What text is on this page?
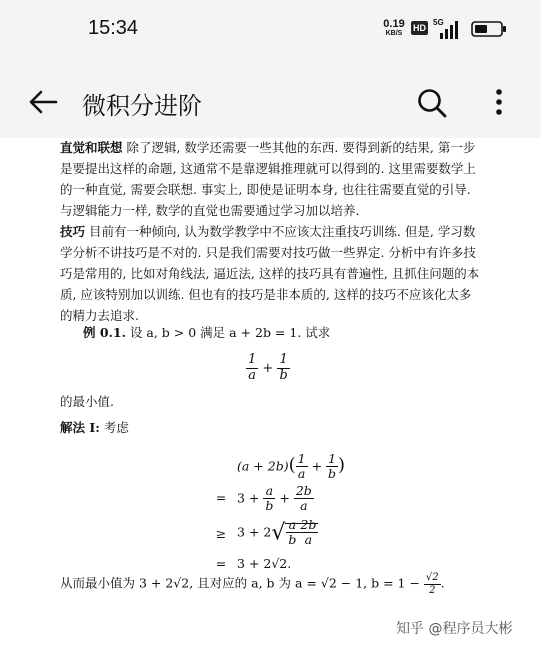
15:34	0.19
KB/S
HD
5G
微积分进阶
直觉和联想 除了逻辑, 数学还需要一些其他的东西. 要得到新的结果, 第一步是要提出这样的命题, 这通常不是靠逻辑推理就可以得到的. 这里需要数学上的一种直觉, 需要会联想. 事实上, 即使是证明本身, 也往往需要直觉的引导. 与逻辑能力一样, 数学的直觉也需要通过学习加以培养.
技巧 目前有一种倾向, 认为数学教学中不应该太注重技巧训练. 但是, 学习数学分析不讲技巧是不对的. 只是我们需要对技巧做一些界定. 分析中有许多技巧是常用的, 比如对角线法, 逼近法, 这样的技巧具有普遍性, 且抓住问题的本质, 应该特别加以训练. 但也有的技巧是非本质的, 这样的技巧不应该化太多的精力去追求.
例 0.1. 设 a, b > 0 满足 a + 2b = 1. 试求
$\frac{1}{a} + \frac{1}{b}$
的最小值.
解法 I: 考虑
$(a + 2b)( \frac{1}{a} + \frac{1}{b}$ )
= $3 + \frac{a}{b} + \frac{2b}{a}$
≥ $3 + 2√ \frac{a}{b} \frac{2b}{a}$
= 3 + 2√2.
从而最小值为 3 + 2√2, 且对应的 a, b 为 a = √2 − 1, $b = 1 - \frac{√2}{2}$ .
知乎 @程序员大彬
